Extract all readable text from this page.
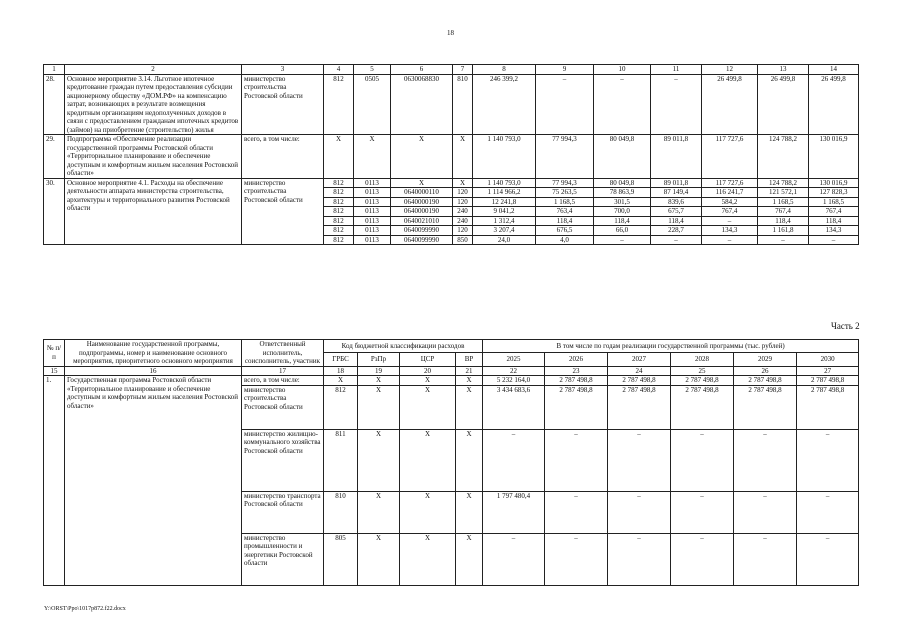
18
1	2	3	4	5	6	7	8	9	10	11	12	13	14
28.	Основное мероприятие 3.14. Льготное ипотечное кредитование граждан путем предоставления субсидии акционерному обществу «ДОМ.РФ» на компенсацию затрат, возникающих в результате возмещения кредитным организациям недополученных доходов в связи с предоставлением гражданам ипотечных кредитов (займов) на приобретение (строительство) жилья	министерство строительства Ростовской области	812	0505	0630068830	810	246 399,2	–	–	–	26 499,8	26 499,8	26 499,8
29.	Подпрограмма «Обеспечение реализации государственной программы Ростовской области «Территориальное планирование и обеспечение доступным и комфортным жильем населения Ростовской области»	всего, в том числе:	Х	Х	Х	Х	1 140 793,0	77 994,3	80 049,8	89 011,8	117 727,6	124 788,2	130 016,9
30.	Основное мероприятие 4.1. Расходы на обеспечение деятельности аппарата министерства строительства, архитектуры и территориального развития Ростовской области	министерство строительства Ростовской области	812	0113	Х	Х	1 140 793,0	77 994,3	80 049,8	89 011,8	117 727,6	124 788,2	130 016,9
			812	0113	0640000110	120	1 114 966,2	75 263,5	78 863,9	87 149,4	116 241,7	121 572,1	127 828,3
			812	0113	0640000190	120	12 241,8	1 168,5	301,5	839,6	584,2	1 168,5	1 168,5
			812	0113	0640000190	240	9 041,2	763,4	700,0	675,7	767,4	767,4	767,4
			812	0113	0640021010	240	1 312,4	118,4	118,4	118,4	–	118,4	118,4
			812	0113	0640099990	120	3 207,4	676,5	66,0	228,7	134,3	1 161,8	134,3
			812	0113	0640099990	850	24,0	4,0	–	–	–	–	–
Часть 2
№ п/п	Наименование государственной программы, подпрограммы, номер и наименование основного мероприятия, приоритетного основного мероприятия	Ответственный исполнитель, соисполнитель, участник	Код бюджетной классификации расходов				В том числе по годам реализации государственной программы (тыс. рублей)					
			ГРБС	РзПр	ЦСР	ВР	2025	2026	2027	2028	2029	2030
15	16	17	18	19	20	21	22	23	24	25	26	27
1.	Государственная программа Ростовской области «Территориальное планирование и обеспечение доступным и комфортным жильем населения Ростовской области»	всего, в том числе:	Х	Х	Х	Х	5 232 164,0	2 787 498,8	2 787 498,8	2 787 498,8	2 787 498,8	2 787 498,8
		министерство строительства Ростовской области	812	Х	Х	Х	3 434 683,6	2 787 498,8	2 787 498,8	2 787 498,8	2 787 498,8	2 787 498,8
		министерство жилищно-коммунального хозяйства Ростовской области	811	Х	Х	Х	–	–	–	–	–	–
		министерство транспорта Ростовской области	810	Х	Х	Х	1 797 480,4	–	–	–	–	–
		министерство промышленности и энергетики Ростовской области	805	Х	Х	Х	–	–	–	–	–	–
Y:\ORST\Ppo\1017p872.f22.docx
